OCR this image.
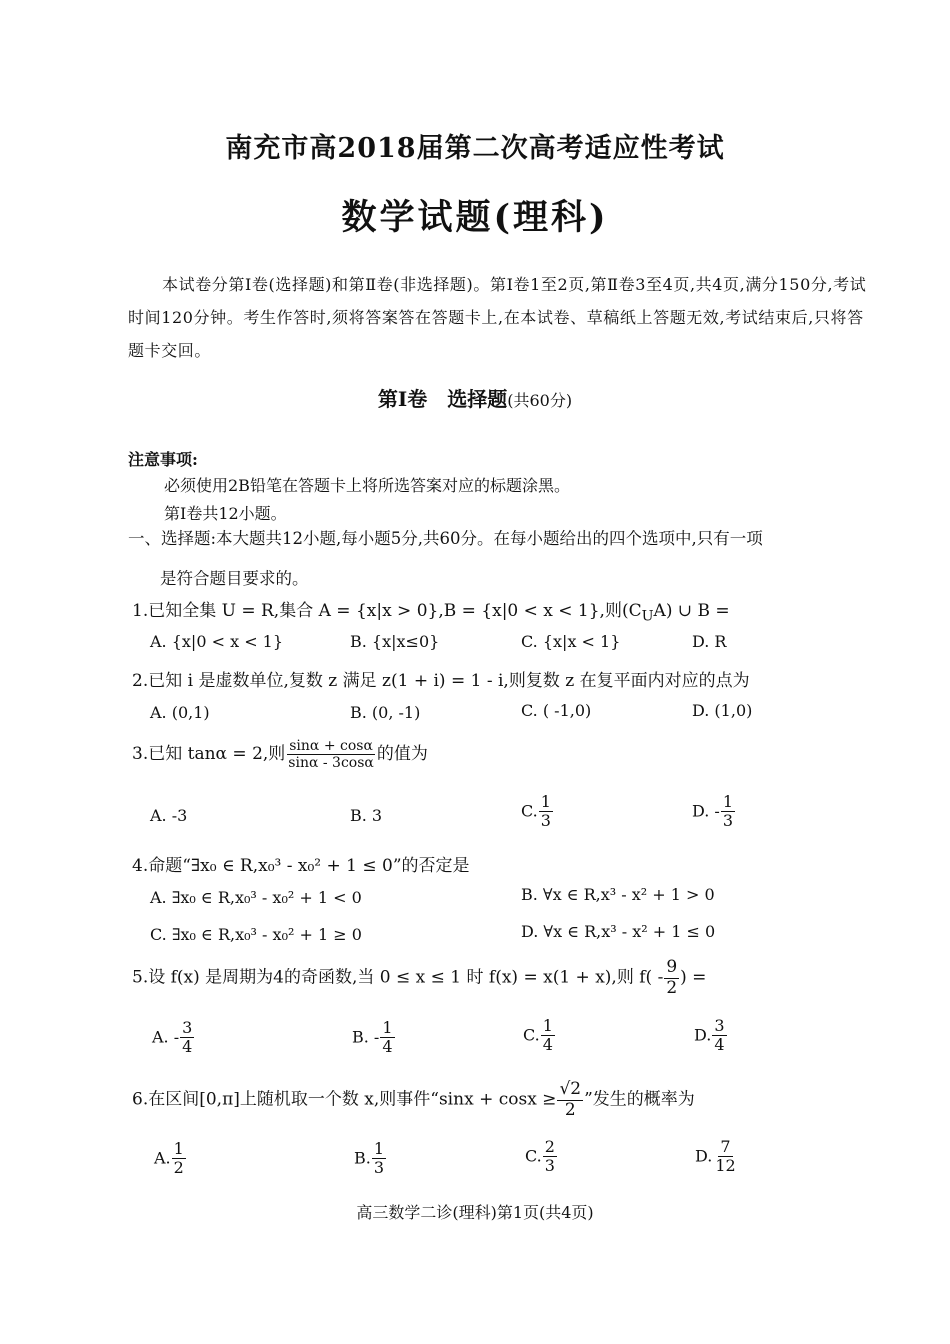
南充市高2018届第二次高考适应性考试
数学试题(理科)
本试卷分第Ⅰ卷(选择题)和第Ⅱ卷(非选择题)。第Ⅰ卷1至2页,第Ⅱ卷3至4页,共4页,满分150分,考试时间120分钟。考生作答时,须将答案答在答题卡上,在本试卷、草稿纸上答题无效,考试结束后,只将答题卡交回。
第Ⅰ卷　选择题(共60分)
注意事项:
必须使用2B铅笔在答题卡上将所选答案对应的标题涂黑。
第Ⅰ卷共12小题。
一、选择题:本大题共12小题,每小题5分,共60分。在每小题给出的四个选项中,只有一项
是符合题目要求的。
1.已知全集 U = R,集合 A = {x|x > 0},B = {x|0 < x < 1},则$(C_UA)$ ∪ B =
A. {x|0 < x < 1}	B. {x|x≤0}	C. {x|x < 1}	D. R
2.已知 i 是虚数单位,复数 z 满足 z(1 + i) = 1 - i,则复数 z 在复平面内对应的点为
A. (0,1)	B. (0, -1)	C. ( -1,0)	D. (1,0)
3.已知 tanα = 2,则 $\frac{\sin\alpha + \cos\alpha}{\sin\alpha - 3\cos\alpha}$ 的值为
A. -3	B. 3	C. $\frac{1}{3}$	D. - $\frac{1}{3}$
4.命题“∃x₀ ∈ R,x₀³ - x₀² + 1 ≤ 0”的否定是
A. ∃x₀ ∈ R,x₀³ - x₀² + 1 < 0	B. ∀x ∈ R,x³ - x² + 1 > 0
C. ∃x₀ ∈ R,x₀³ - x₀² + 1 ≥ 0	D. ∀x ∈ R,x³ - x² + 1 ≤ 0
5.设 f(x) 是周期为4的奇函数,当 0 ≤ x ≤ 1 时 f(x) = x(1 + x),则 $f( - \frac{9}{2}$ ) =
A. - $\frac{3}{4}$	B. - $\frac{1}{4}$	C. $\frac{1}{4}$	D. $\frac{3}{4}$
6.在区间[0,π]上随机取一个数 x,则事件“$\sin x + \cos x \ge \frac{√2}{2}$ ”发生的概率为
A. $\frac{1}{2}$	B. $\frac{1}{3}$	C. $\frac{2}{3}$	D. $\frac{7}{12}$
高三数学二诊(理科)第1页(共4页)
